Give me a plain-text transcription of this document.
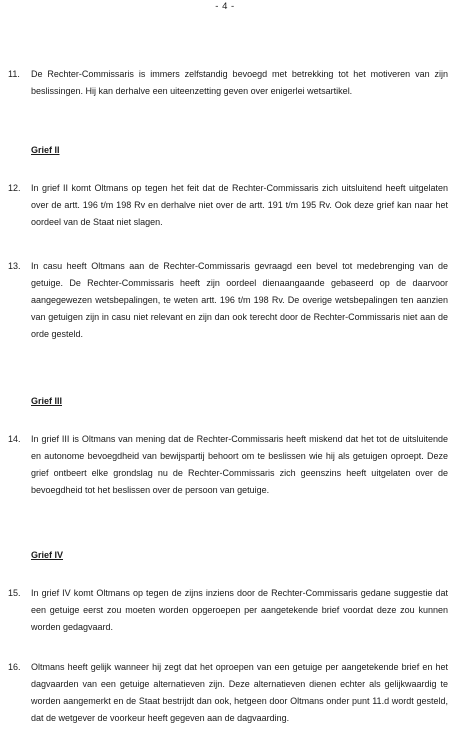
- 4 -
11.	De Rechter-Commissaris is immers zelfstandig bevoegd met betrekking tot het motiveren van zijn beslissingen. Hij kan derhalve een uiteenzetting geven over enigerlei wetsartikel.
Grief II
12.	In grief II komt Oltmans op tegen het feit dat de Rechter-Commissaris zich uitsluitend heeft uitgelaten over de artt. 196 t/m 198 Rv en derhalve niet over de artt. 191 t/m 195 Rv. Ook deze grief kan naar het oordeel van de Staat niet slagen.
13.	In casu heeft Oltmans aan de Rechter-Commissaris gevraagd een bevel tot medebrenging van de getuige. De Rechter-Commissaris heeft zijn oordeel dienaangaande gebaseerd op de daarvoor aangegewezen wetsbepalingen, te weten artt. 196 t/m 198 Rv. De overige wetsbepalingen ten aanzien van getuigen zijn in casu niet relevant en zijn dan ook terecht door de Rechter-Commissaris niet aan de orde gesteld.
Grief III
14.	In grief III is Oltmans van mening dat de Rechter-Commissaris heeft miskend dat het tot de uitsluitende en autonome bevoegdheid van bewijspartij behoort om te beslissen wie hij als getuigen oproept. Deze grief ontbeert elke grondslag nu de Rechter-Commissaris zich geenszins heeft uitgelaten over de bevoegdheid tot het beslissen over de persoon van getuige.
Grief IV
15.	In grief IV komt Oltmans op tegen de zijns inziens door de Rechter-Commissaris gedane suggestie dat een getuige eerst zou moeten worden opgeroepen per aangetekende brief voordat deze zou kunnen worden gedagvaard.
16.	Oltmans heeft gelijk wanneer hij zegt dat het oproepen van een getuige per aangetekende brief en het dagvaarden van een getuige alternatieven zijn. Deze alternatieven dienen echter als gelijkwaardig te worden aangemerkt en de Staat bestrijdt dan ook, hetgeen door Oltmans onder punt 11.d wordt gesteld, dat de wetgever de voorkeur heeft gegeven aan de dagvaarding.
